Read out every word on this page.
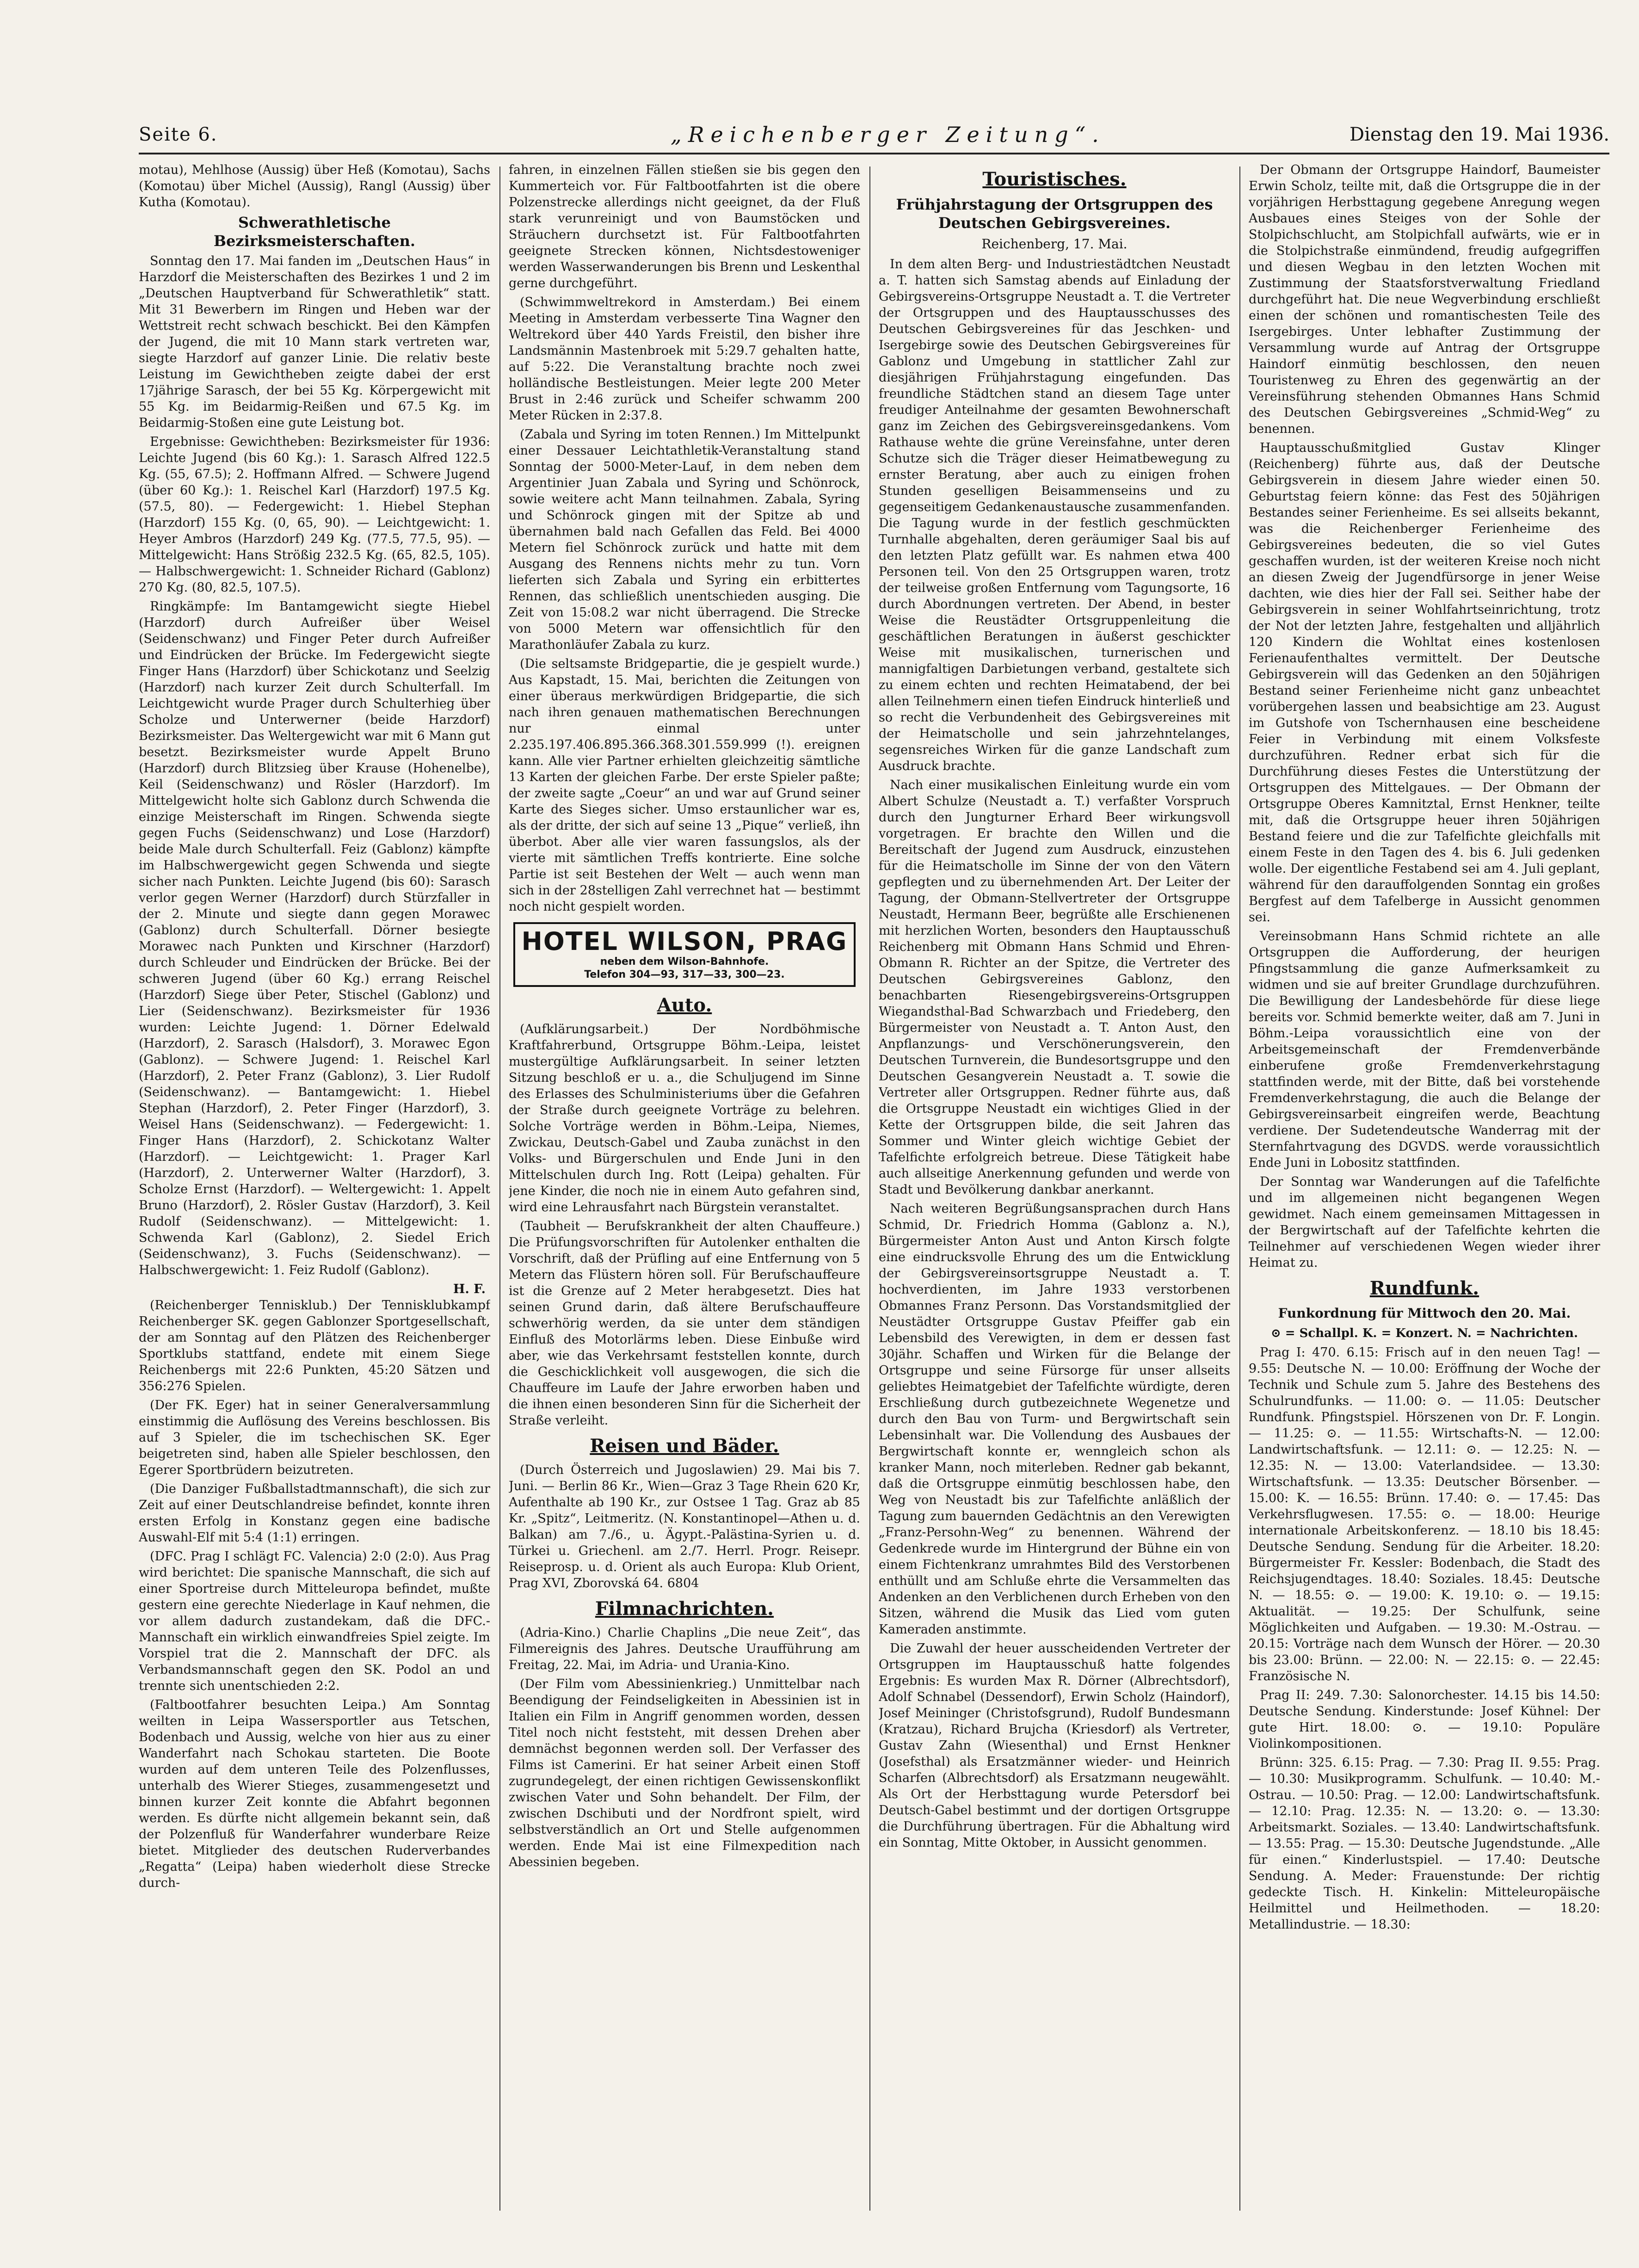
Seite 6.	„Reichenberger Zeitung“.	Dienstag den 19. Mai 1936.

motau), Mehlhose (Aussig) über Heß (Komotau), Sachs (Komotau) über Michel (Aussig), Rangl (Aussig) über Kutha (Komotau).

Schwerathletische Bezirksmeisterschaften.

Sonntag den 17. Mai fanden im „Deutschen Haus“ in Harzdorf die Meisterschaften des Bezirkes 1 und 2 im „Deutschen Hauptverband für Schwerathletik“ statt. Mit 31 Bewerbern im Ringen und Heben war der Wettstreit recht schwach beschickt. Bei den Kämpfen der Jugend, die mit 10 Mann stark vertreten war, siegte Harzdorf auf ganzer Linie. Die relativ beste Leistung im Gewichtheben zeigte dabei der erst 17jährige Sarasch, der bei 55 Kg. Körpergewicht mit 55 Kg. im Beidarmig-Reißen und 67.5 Kg. im Beidarmig-Stoßen eine gute Leistung bot.

Ergebnisse: Gewichtheben: Bezirksmeister für 1936: Leichte Jugend (bis 60 Kg.): 1. Sarasch Alfred 122.5 Kg. (55, 67.5); 2. Hoffmann Alfred. — Schwere Jugend (über 60 Kg.): 1. Reischel Karl (Harzdorf) 197.5 Kg. (57.5, 80). — Federgewicht: 1. Hiebel Stephan (Harzdorf) 155 Kg. (0, 65, 90). — Leichtgewicht: 1. Heyer Ambros (Harzdorf) 249 Kg. (77.5, 77.5, 95). — Mittelgewicht: Hans Strößig 232.5 Kg. (65, 82.5, 105). — Halbschwergewicht: 1. Schneider Richard (Gablonz) 270 Kg. (80, 82.5, 107.5).

Ringkämpfe: Im Bantamgewicht siegte Hiebel (Harzdorf) durch Aufreißer über Weisel (Seidenschwanz) und Finger Peter durch Aufreißer und Eindrücken der Brücke. Im Federgewicht siegte Finger Hans (Harzdorf) über Schickotanz und Seelzig (Harzdorf) nach kurzer Zeit durch Schulterfall. Im Leichtgewicht wurde Prager durch Schulterhieg über Scholze und Unterwerner (beide Harzdorf) Bezirksmeister. Das Weltergewicht war mit 6 Mann gut besetzt. Bezirksmeister wurde Appelt Bruno (Harzdorf) durch Blitzsieg über Krause (Hohenelbe), Keil (Seidenschwanz) und Rösler (Harzdorf). Im Mittelgewicht holte sich Gablonz durch Schwenda die einzige Meisterschaft im Ringen. Schwenda siegte gegen Fuchs (Seidenschwanz) und Lose (Harzdorf) beide Male durch Schulterfall. Feiz (Gablonz) kämpfte im Halbschwergewicht gegen Schwenda und siegte sicher nach Punkten. Leichte Jugend (bis 60): Sarasch verlor gegen Werner (Harzdorf) durch Stürzfaller in der 2. Minute und siegte dann gegen Morawec (Gablonz) durch Schulterfall. Dörner besiegte Morawec nach Punkten und Kirschner (Harzdorf) durch Schleuder und Eindrücken der Brücke. Bei der schweren Jugend (über 60 Kg.) errang Reischel (Harzdorf) Siege über Peter, Stischel (Gablonz) und Lier (Seidenschwanz). Bezirksmeister für 1936 wurden: Leichte Jugend: 1. Dörner Edelwald (Harzdorf), 2. Sarasch (Halsdorf), 3. Morawec Egon (Gablonz). — Schwere Jugend: 1. Reischel Karl (Harzdorf), 2. Peter Franz (Gablonz), 3. Lier Rudolf (Seidenschwanz). — Bantamgewicht: 1. Hiebel Stephan (Harzdorf), 2. Peter Finger (Harzdorf), 3. Weisel Hans (Seidenschwanz). — Federgewicht: 1. Finger Hans (Harzdorf), 2. Schickotanz Walter (Harzdorf). — Leichtgewicht: 1. Prager Karl (Harzdorf), 2. Unterwerner Walter (Harzdorf), 3. Scholze Ernst (Harzdorf). — Weltergewicht: 1. Appelt Bruno (Harzdorf), 2. Rösler Gustav (Harzdorf), 3. Keil Rudolf (Seidenschwanz). — Mittelgewicht: 1. Schwenda Karl (Gablonz), 2. Siedel Erich (Seidenschwanz), 3. Fuchs (Seidenschwanz). — Halbschwergewicht: 1. Feiz Rudolf (Gablonz).

H. F.

(Reichenberger Tennisklub.) Der Tennisklubkampf Reichenberger SK. gegen Gablonzer Sportgesellschaft, der am Sonntag auf den Plätzen des Reichenberger Sportklubs stattfand, endete mit einem Siege Reichenbergs mit 22:6 Punkten, 45:20 Sätzen und 356:276 Spielen.

(Der FK. Eger) hat in seiner Generalversammlung einstimmig die Auflösung des Vereins beschlossen. Bis auf 3 Spieler, die im tschechischen SK. Eger beigetreten sind, haben alle Spieler beschlossen, den Egerer Sportbrüdern beizutreten.

(Die Danziger Fußballstadtmannschaft), die sich zur Zeit auf einer Deutschlandreise befindet, konnte ihren ersten Erfolg in Konstanz gegen eine badische Auswahl-Elf mit 5:4 (1:1) erringen.

(DFC. Prag I schlägt FC. Valencia) 2:0 (2:0). Aus Prag wird berichtet: Die spanische Mannschaft, die sich auf einer Sportreise durch Mitteleuropa befindet, mußte gestern eine gerechte Niederlage in Kauf nehmen, die vor allem dadurch zustandekam, daß die DFC.-Mannschaft ein wirklich einwandfreies Spiel zeigte. Im Vorspiel trat die 2. Mannschaft der DFC. als Verbandsmannschaft gegen den SK. Podol an und trennte sich unentschieden 2:2.

(Faltbootfahrer besuchten Leipa.) Am Sonntag weilten in Leipa Wassersportler aus Tetschen, Bodenbach und Aussig, welche von hier aus zu einer Wanderfahrt nach Schokau starteten. Die Boote wurden auf dem unteren Teile des Polzenflusses, unterhalb des Wierer Stieges, zusammengesetzt und binnen kurzer Zeit konnte die Abfahrt begonnen werden. Es dürfte nicht allgemein bekannt sein, daß der Polzenfluß für Wanderfahrer wunderbare Reize bietet. Mitglieder des deutschen Ruderverbandes „Regatta“ (Leipa) haben wiederholt diese Strecke durch-

fahren, in einzelnen Fällen stießen sie bis gegen den Kummerteich vor. Für Faltbootfahrten ist die obere Polzenstrecke allerdings nicht geeignet, da der Fluß stark verunreinigt und von Baumstöcken und Sträuchern durchsetzt ist. Für Faltbootfahrten geeignete Strecken können, Nichtsdestoweniger werden Wasserwanderungen bis Brenn und Leskenthal gerne durchgeführt.

(Schwimmweltrekord in Amsterdam.) Bei einem Meeting in Amsterdam verbesserte Tina Wagner den Weltrekord über 440 Yards Freistil, den bisher ihre Landsmännin Mastenbroek mit 5:29.7 gehalten hatte, auf 5:22. Die Veranstaltung brachte noch zwei holländische Bestleistungen. Meier legte 200 Meter Brust in 2:46 zurück und Scheifer schwamm 200 Meter Rücken in 2:37.8.

(Zabala und Syring im toten Rennen.) Im Mittelpunkt einer Dessauer Leichtathletik-Veranstaltung stand Sonntag der 5000-Meter-Lauf, in dem neben dem Argentinier Juan Zabala und Syring und Schönrock, sowie weitere acht Mann teilnahmen. Zabala, Syring und Schönrock gingen mit der Spitze ab und übernahmen bald nach Gefallen das Feld. Bei 4000 Metern fiel Schönrock zurück und hatte mit dem Ausgang des Rennens nichts mehr zu tun. Vorn lieferten sich Zabala und Syring ein erbittertes Rennen, das schließlich unentschieden ausging. Die Zeit von 15:08.2 war nicht überragend. Die Strecke von 5000 Metern war offensichtlich für den Marathonläufer Zabala zu kurz.

(Die seltsamste Bridgepartie, die je gespielt wurde.) Aus Kapstadt, 15. Mai, berichten die Zeitungen von einer überaus merkwürdigen Bridgepartie, die sich nach ihren genauen mathematischen Berechnungen nur einmal unter 2.235.197.406.895.366.368.301.559.999 (!). ereignen kann. Alle vier Partner erhielten gleichzeitig sämtliche 13 Karten der gleichen Farbe. Der erste Spieler paßte; der zweite sagte „Coeur“ an und war auf Grund seiner Karte des Sieges sicher. Umso erstaunlicher war es, als der dritte, der sich auf seine 13 „Pique“ verließ, ihn überbot. Aber alle vier waren fassungslos, als der vierte mit sämtlichen Treffs kontrierte. Eine solche Partie ist seit Bestehen der Welt — auch wenn man sich in der 28stelligen Zahl verrechnet hat — bestimmt noch nicht gespielt worden.

HOTEL WILSON, PRAG
neben dem Wilson-Bahnhofe.
Telefon 304—93, 317—33, 300—23.
Auto.

(Aufklärungsarbeit.) Der Nordböhmische Kraftfahrerbund, Ortsgruppe Böhm.-Leipa, leistet mustergültige Aufklärungsarbeit. In seiner letzten Sitzung beschloß er u. a., die Schuljugend im Sinne des Erlasses des Schulministeriums über die Gefahren der Straße durch geeignete Vorträge zu belehren. Solche Vorträge werden in Böhm.-Leipa, Niemes, Zwickau, Deutsch-Gabel und Zauba zunächst in den Volks- und Bürgerschulen und Ende Juni in den Mittelschulen durch Ing. Rott (Leipa) gehalten. Für jene Kinder, die noch nie in einem Auto gefahren sind, wird eine Lehrausfahrt nach Bürgstein veranstaltet.

(Taubheit — Berufskrankheit der alten Chauffeure.) Die Prüfungsvorschriften für Autolenker enthalten die Vorschrift, daß der Prüfling auf eine Entfernung von 5 Metern das Flüstern hören soll. Für Berufschauffeure ist die Grenze auf 2 Meter herabgesetzt. Dies hat seinen Grund darin, daß ältere Berufschauffeure schwerhörig werden, da sie unter dem ständigen Einfluß des Motorlärms leben. Diese Einbuße wird aber, wie das Verkehrsamt feststellen konnte, durch die Geschicklichkeit voll ausgewogen, die sich die Chauffeure im Laufe der Jahre erworben haben und die ihnen einen besonderen Sinn für die Sicherheit der Straße verleiht.

Reisen und Bäder.

(Durch Österreich und Jugoslawien) 29. Mai bis 7. Juni. — Berlin 86 Kr., Wien—Graz 3 Tage Rhein 620 Kr, Aufenthalte ab 190 Kr., zur Ostsee 1 Tag. Graz ab 85 Kr. „Spitz“, Leitmeritz. (N. Konstantinopel—Athen u. d. Balkan) am 7./6., u. Ägypt.-Palästina-Syrien u. d. Türkei u. Griechenl. am 2./7. Herrl. Progr. Reisepr. Reiseprosp. u. d. Orient als auch Europa: Klub Orient, Prag XVI, Zborovská 64. 6804

Filmnachrichten.

(Adria-Kino.) Charlie Chaplins „Die neue Zeit“, das Filmereignis des Jahres. Deutsche Uraufführung am Freitag, 22. Mai, im Adria- und Urania-Kino.

(Der Film vom Abessinienkrieg.) Unmittelbar nach Beendigung der Feindseligkeiten in Abessinien ist in Italien ein Film in Angriff genommen worden, dessen Titel noch nicht feststeht, mit dessen Drehen aber demnächst begonnen werden soll. Der Verfasser des Films ist Camerini. Er hat seiner Arbeit einen Stoff zugrundegelegt, der einen richtigen Gewissenskonflikt zwischen Vater und Sohn behandelt. Der Film, der zwischen Dschibuti und der Nordfront spielt, wird selbstverständlich an Ort und Stelle aufgenommen werden. Ende Mai ist eine Filmexpedition nach Abessinien begeben.

Touristisches.
Frühjahrstagung der Ortsgruppen des Deutschen Gebirgsvereines.
Reichenberg, 17. Mai.

In dem alten Berg- und Industriestädtchen Neustadt a. T. hatten sich Samstag abends auf Einladung der Gebirgsvereins-Ortsgruppe Neustadt a. T. die Vertreter der Ortsgruppen und des Hauptausschusses des Deutschen Gebirgsvereines für das Jeschken- und Isergebirge sowie des Deutschen Gebirgsvereines für Gablonz und Umgebung in stattlicher Zahl zur diesjährigen Frühjahrstagung eingefunden. Das freundliche Städtchen stand an diesem Tage unter freudiger Anteilnahme der gesamten Bewohnerschaft ganz im Zeichen des Gebirgsvereinsgedankens. Vom Rathause wehte die grüne Vereinsfahne, unter deren Schutze sich die Träger dieser Heimatbewegung zu ernster Beratung, aber auch zu einigen frohen Stunden geselligen Beisammenseins und zu gegenseitigem Gedankenaustausche zusammenfanden. Die Tagung wurde in der festlich geschmückten Turnhalle abgehalten, deren geräumiger Saal bis auf den letzten Platz gefüllt war. Es nahmen etwa 400 Personen teil. Von den 25 Ortsgruppen waren, trotz der teilweise großen Entfernung vom Tagungsorte, 16 durch Abordnungen vertreten. Der Abend, in bester Weise die Reustädter Ortsgruppenleitung die geschäftlichen Beratungen in äußerst geschickter Weise mit musikalischen, turnerischen und mannigfaltigen Darbietungen verband, gestaltete sich zu einem echten und rechten Heimatabend, der bei allen Teilnehmern einen tiefen Eindruck hinterließ und so recht die Verbundenheit des Gebirgsvereines mit der Heimatscholle und sein jahrzehntelanges, segensreiches Wirken für die ganze Landschaft zum Ausdruck brachte.

Nach einer musikalischen Einleitung wurde ein vom Albert Schulze (Neustadt a. T.) verfaßter Vorspruch durch den Jungturner Erhard Beer wirkungsvoll vorgetragen. Er brachte den Willen und die Bereitschaft der Jugend zum Ausdruck, einzustehen für die Heimatscholle im Sinne der von den Vätern gepflegten und zu übernehmenden Art. Der Leiter der Tagung, der Obmann-Stellvertreter der Ortsgruppe Neustadt, Hermann Beer, begrüßte alle Erschienenen mit herzlichen Worten, besonders den Hauptausschuß Reichenberg mit Obmann Hans Schmid und Ehren-Obmann R. Richter an der Spitze, die Vertreter des Deutschen Gebirgsvereines Gablonz, den benachbarten Riesengebirgsvereins-Ortsgruppen Wiegandsthal-Bad Schwarzbach und Friedeberg, den Bürgermeister von Neustadt a. T. Anton Aust, den Anpflanzungs- und Verschönerungsverein, den Deutschen Turnverein, die Bundesortsgruppe und den Deutschen Gesangverein Neustadt a. T. sowie die Vertreter aller Ortsgruppen. Redner führte aus, daß die Ortsgruppe Neustadt ein wichtiges Glied in der Kette der Ortsgruppen bilde, die seit Jahren das Sommer und Winter gleich wichtige Gebiet der Tafelfichte erfolgreich betreue. Diese Tätigkeit habe auch allseitige Anerkennung gefunden und werde von Stadt und Bevölkerung dankbar anerkannt.

Nach weiteren Begrüßungsansprachen durch Hans Schmid, Dr. Friedrich Homma (Gablonz a. N.), Bürgermeister Anton Aust und Anton Kirsch folgte eine eindrucksvolle Ehrung des um die Entwicklung der Gebirgsvereinsortsgruppe Neustadt a. T. hochverdienten, im Jahre 1933 verstorbenen Obmannes Franz Personn. Das Vorstandsmitglied der Neustädter Ortsgruppe Gustav Pfeiffer gab ein Lebensbild des Verewigten, in dem er dessen fast 30jähr. Schaffen und Wirken für die Belange der Ortsgruppe und seine Fürsorge für unser allseits geliebtes Heimatgebiet der Tafelfichte würdigte, deren Erschließung durch gutbezeichnete Wegenetze und durch den Bau von Turm- und Bergwirtschaft sein Lebensinhalt war. Die Vollendung des Ausbaues der Bergwirtschaft konnte er, wenngleich schon als kranker Mann, noch miterleben. Redner gab bekannt, daß die Ortsgruppe einmütig beschlossen habe, den Weg von Neustadt bis zur Tafelfichte anläßlich der Tagung zum bauernden Gedächtnis an den Verewigten „Franz-Persohn-Weg“ zu benennen. Während der Gedenkrede wurde im Hintergrund der Bühne ein von einem Fichtenkranz umrahmtes Bild des Verstorbenen enthüllt und am Schluße ehrte die Versammelten das Andenken an den Verblichenen durch Erheben von den Sitzen, während die Musik das Lied vom guten Kameraden anstimmte.

Die Zuwahl der heuer ausscheidenden Vertreter der Ortsgruppen im Hauptausschuß hatte folgendes Ergebnis: Es wurden Max R. Dörner (Albrechtsdorf), Adolf Schnabel (Dessendorf), Erwin Scholz (Haindorf), Josef Meininger (Christofsgrund), Rudolf Bundesmann (Kratzau), Richard Brujcha (Kriesdorf) als Vertreter, Gustav Zahn (Wiesenthal) und Ernst Henkner (Josefsthal) als Ersatzmänner wieder- und Heinrich Scharfen (Albrechtsdorf) als Ersatzmann neugewählt. Als Ort der Herbsttagung wurde Petersdorf bei Deutsch-Gabel bestimmt und der dortigen Ortsgruppe die Durchführung übertragen. Für die Abhaltung wird ein Sonntag, Mitte Oktober, in Aussicht genommen.

Der Obmann der Ortsgruppe Haindorf, Baumeister Erwin Scholz, teilte mit, daß die Ortsgruppe die in der vorjährigen Herbsttagung gegebene Anregung wegen Ausbaues eines Steiges von der Sohle der Stolpichschlucht, am Stolpichfall aufwärts, wie er in die Stolpichstraße einmündend, freudig aufgegriffen und diesen Wegbau in den letzten Wochen mit Zustimmung der Staatsforstverwaltung Friedland durchgeführt hat. Die neue Wegverbindung erschließt einen der schönen und romantischesten Teile des Isergebirges. Unter lebhafter Zustimmung der Versammlung wurde auf Antrag der Ortsgruppe Haindorf einmütig beschlossen, den neuen Touristenweg zu Ehren des gegenwärtig an der Vereinsführung stehenden Obmannes Hans Schmid des Deutschen Gebirgsvereines „Schmid-Weg“ zu benennen.

Hauptausschußmitglied Gustav Klinger (Reichenberg) führte aus, daß der Deutsche Gebirgsverein in diesem Jahre wieder einen 50. Geburtstag feiern könne: das Fest des 50jährigen Bestandes seiner Ferienheime. Es sei allseits bekannt, was die Reichenberger Ferienheime des Gebirgsvereines bedeuten, die so viel Gutes geschaffen wurden, ist der weiteren Kreise noch nicht an diesen Zweig der Jugendfürsorge in jener Weise dachten, wie dies hier der Fall sei. Seither habe der Gebirgsverein in seiner Wohlfahrtseinrichtung, trotz der Not der letzten Jahre, festgehalten und alljährlich 120 Kindern die Wohltat eines kostenlosen Ferienaufenthaltes vermittelt. Der Deutsche Gebirgsverein will das Gedenken an den 50jährigen Bestand seiner Ferienheime nicht ganz unbeachtet vorübergehen lassen und beabsichtige am 23. August im Gutshofe von Tschernhausen eine bescheidene Feier in Verbindung mit einem Volksfeste durchzuführen. Redner erbat sich für die Durchführung dieses Festes die Unterstützung der Ortsgruppen des Mittelgaues. — Der Obmann der Ortsgruppe Oberes Kamnitztal, Ernst Henkner, teilte mit, daß die Ortsgruppe heuer ihren 50jährigen Bestand feiere und die zur Tafelfichte gleichfalls mit einem Feste in den Tagen des 4. bis 6. Juli gedenken wolle. Der eigentliche Festabend sei am 4. Juli geplant, während für den darauffolgenden Sonntag ein großes Bergfest auf dem Tafelberge in Aussicht genommen sei.

Vereinsobmann Hans Schmid richtete an alle Ortsgruppen die Aufforderung, der heurigen Pfingstsammlung die ganze Aufmerksamkeit zu widmen und sie auf breiter Grundlage durchzuführen. Die Bewilligung der Landesbehörde für diese liege bereits vor. Schmid bemerkte weiter, daß am 7. Juni in Böhm.-Leipa voraussichtlich eine von der Arbeitsgemeinschaft der Fremdenverbände einberufene große Fremdenverkehrstagung stattfinden werde, mit der Bitte, daß bei vorstehende Fremdenverkehrstagung, die auch die Belange der Gebirgsvereinsarbeit eingreifen werde, Beachtung verdiene. Der Sudetendeutsche Wanderrag mit der Sternfahrtvagung des DGVDS. werde voraussichtlich Ende Juni in Lobositz stattfinden.

Der Sonntag war Wanderungen auf die Tafelfichte und im allgemeinen nicht begangenen Wegen gewidmet. Nach einem gemeinsamen Mittagessen in der Bergwirtschaft auf der Tafelfichte kehrten die Teilnehmer auf verschiedenen Wegen wieder ihrer Heimat zu.

Rundfunk.
Funkordnung für Mittwoch den 20. Mai.
⊙ = Schallpl. K. = Konzert. N. = Nachrichten.

Prag I: 470. 6.15: Frisch auf in den neuen Tag! — 9.55: Deutsche N. — 10.00: Eröffnung der Woche der Technik und Schule zum 5. Jahre des Bestehens des Schulrundfunks. — 11.00: ⊙. — 11.05: Deutscher Rundfunk. Pfingstspiel. Hörszenen von Dr. F. Longin. — 11.25: ⊙. — 11.55: Wirtschafts-N. — 12.00: Landwirtschaftsfunk. — 12.11: ⊙. — 12.25: N. — 12.35: N. — 13.00: Vaterlandsidee. — 13.30: Wirtschaftsfunk. — 13.35: Deutscher Börsenber. — 15.00: K. — 16.55: Brünn. 17.40: ⊙. — 17.45: Das Verkehrsflugwesen. 17.55: ⊙. — 18.00: Heurige internationale Arbeitskonferenz. — 18.10 bis 18.45: Deutsche Sendung. Sendung für die Arbeiter. 18.20: Bürgermeister Fr. Kessler: Bodenbach, die Stadt des Reichsjugendtages. 18.40: Soziales. 18.45: Deutsche N. — 18.55: ⊙. — 19.00: K. 19.10: ⊙. — 19.15: Aktualität. — 19.25: Der Schulfunk, seine Möglichkeiten und Aufgaben. — 19.30: M.-Ostrau. — 20.15: Vorträge nach dem Wunsch der Hörer. — 20.30 bis 23.00: Brünn. — 22.00: N. — 22.15: ⊙. — 22.45: Französische N.

Prag II: 249. 7.30: Salonorchester. 14.15 bis 14.50: Deutsche Sendung. Kinderstunde: Josef Kühnel: Der gute Hirt. 18.00: ⊙. — 19.10: Populäre Violinkompositionen.

Brünn: 325. 6.15: Prag. — 7.30: Prag II. 9.55: Prag. — 10.30: Musikprogramm. Schulfunk. — 10.40: M.-Ostrau. — 10.50: Prag. — 12.00: Landwirtschaftsfunk. — 12.10: Prag. 12.35: N. — 13.20: ⊙. — 13.30: Arbeitsmarkt. Soziales. — 13.40: Landwirtschaftsfunk. — 13.55: Prag. — 15.30: Deutsche Jugendstunde. „Alle für einen.“ Kinderlustspiel. — 17.40: Deutsche Sendung. A. Meder: Frauenstunde: Der richtig gedeckte Tisch. H. Kinkelin: Mitteleuropäische Heilmittel und Heilmethoden. — 18.20: Metallindustrie. — 18.30:
